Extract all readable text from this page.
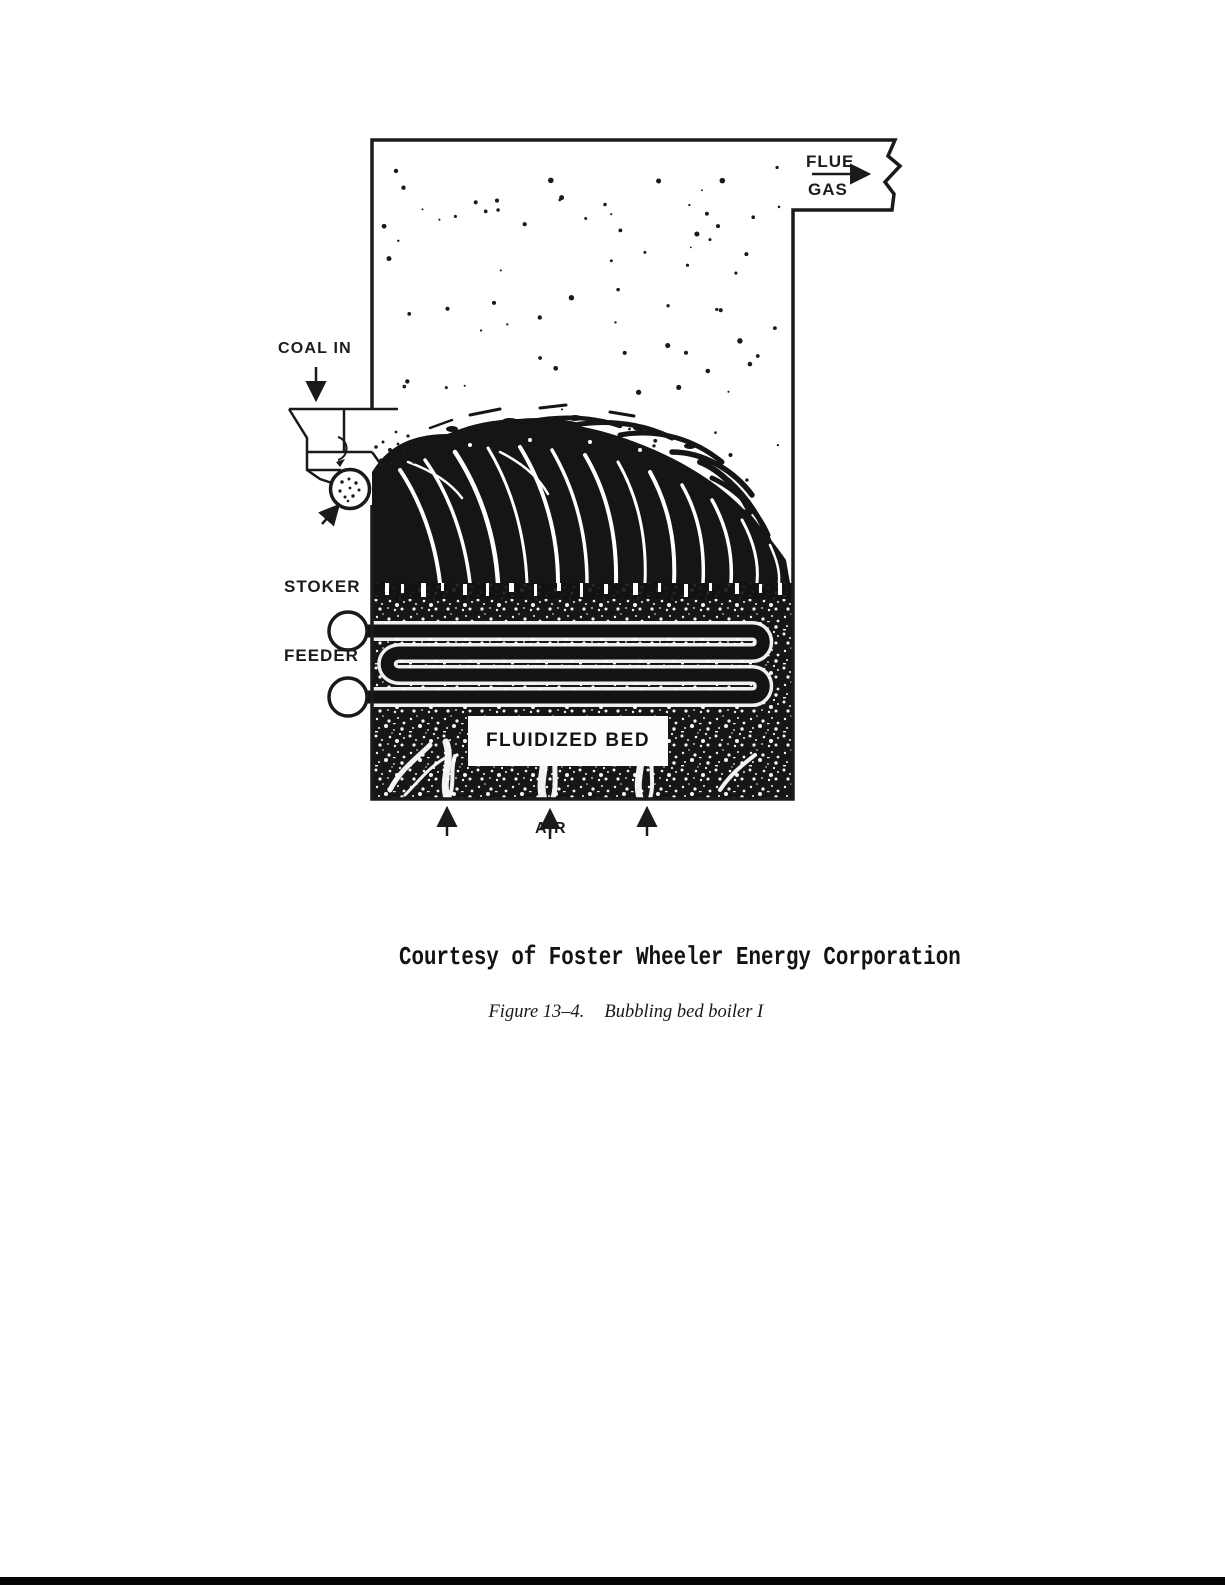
FLUE
GAS
COAL IN

STOKER

FEEDER

FLUIDIZED BED
AIR
Courtesy of Foster Wheeler Energy Corporation

Figure 13–4. Bubbling bed boiler I
